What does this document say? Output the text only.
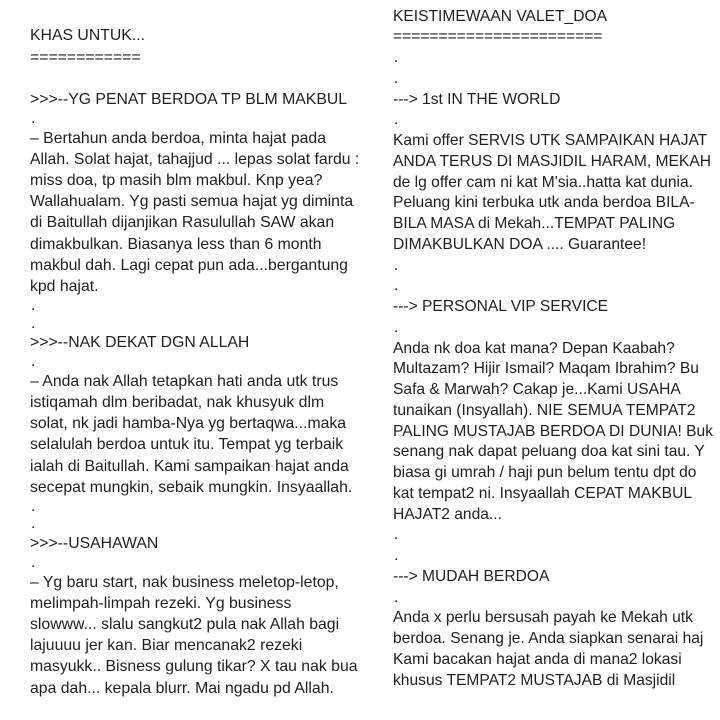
KHAS UNTUK...
============
>>>--YG PENAT BERDOA TP BLM MAKBUL
.
– Bertahun anda berdoa, minta hajat pada
Allah. Solat hajat, tahajjud ... lepas solat fardu :
miss doa, tp masih blm makbul. Knp yea?
Wallahualam. Yg pasti semua hajat yg diminta
di Baitullah dijanjikan Rasulullah SAW akan
dimakbulkan. Biasanya less than 6 month
makbul dah. Lagi cepat pun ada...bergantung
kpd hajat.
.
.
>>>--NAK DEKAT DGN ALLAH
.
– Anda nak Allah tetapkan hati anda utk trus
istiqamah dlm beribadat, nak khusyuk dlm
solat, nk jadi hamba-Nya yg bertaqwa...maka
selalulah berdoa untuk itu. Tempat yg terbaik
ialah di Baitullah. Kami sampaikan hajat anda
secepat mungkin, sebaik mungkin. Insyaallah.
.
.
>>>--USAHAWAN
.
– Yg baru start, nak business meletop-letop,
melimpah-limpah rezeki. Yg business
slowww... slalu sangkut2 pula nak Allah bagi
lajuuuu jer kan. Biar mencanak2 rezeki
masyukk.. Bisness gulung tikar? X tau nak bua
apa dah... kepala blurr. Mai ngadu pd Allah.
KEISTIMEWAAN VALET_DOA
=======================
.
.
---> 1st IN THE WORLD
.
Kami offer SERVIS UTK SAMPAIKAN HAJAT
ANDA TERUS DI MASJIDIL HARAM, MEKAH
de lg offer cam ni kat M'sia..hatta kat dunia.
Peluang kini terbuka utk anda berdoa BILA-
BILA MASA di Mekah...TEMPAT PALING
DIMAKBULKAN DOA .... Guarantee!
.
.
---> PERSONAL VIP SERVICE
.
Anda nk doa kat mana? Depan Kaabah?
Multazam? Hijir Ismail? Maqam Ibrahim? Bu
Safa & Marwah? Cakap je...Kami USAHA
tunaikan (Insyallah). NIE SEMUA TEMPAT2
PALING MUSTAJAB BERDOA DI DUNIA! Buk
senang nak dapat peluang doa kat sini tau. Y
biasa gi umrah / haji pun belum tentu dpt do
kat tempat2 ni. Insyaallah CEPAT MAKBUL
HAJAT2 anda...
.
.
---> MUDAH BERDOA
.
Anda x perlu bersusah payah ke Mekah utk
berdoa. Senang je. Anda siapkan senarai haj
Kami bacakan hajat anda di mana2 lokasi
khusus TEMPAT2 MUSTAJAB di Masjidil
